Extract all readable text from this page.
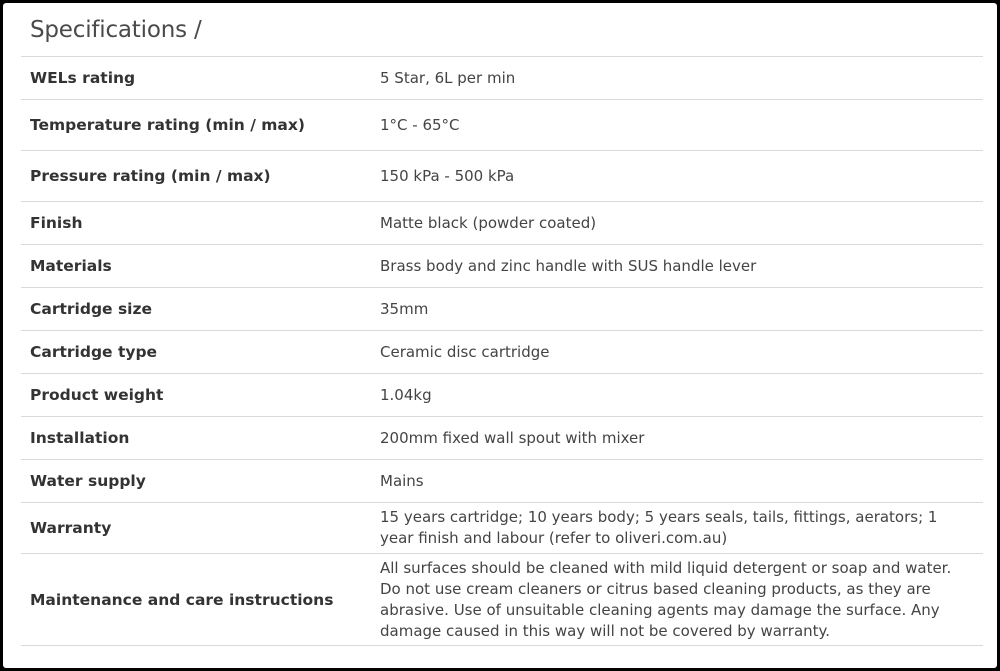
Specifications /
WELs rating	5 Star, 6L per min
Temperature rating (min / max)	1°C - 65°C
Pressure rating (min / max)	150 kPa - 500 kPa
Finish	Matte black (powder coated)
Materials	Brass body and zinc handle with SUS handle lever
Cartridge size	35mm
Cartridge type	Ceramic disc cartridge
Product weight	1.04kg
Installation	200mm fixed wall spout with mixer
Water supply	Mains
Warranty	15 years cartridge; 10 years body; 5 years seals, tails, fittings, aerators; 1 year finish and labour (refer to oliveri.com.au)
Maintenance and care instructions	All surfaces should be cleaned with mild liquid detergent or soap and water. Do not use cream cleaners or citrus based cleaning products, as they are abrasive. Use of unsuitable cleaning agents may damage the surface. Any damage caused in this way will not be covered by warranty.
